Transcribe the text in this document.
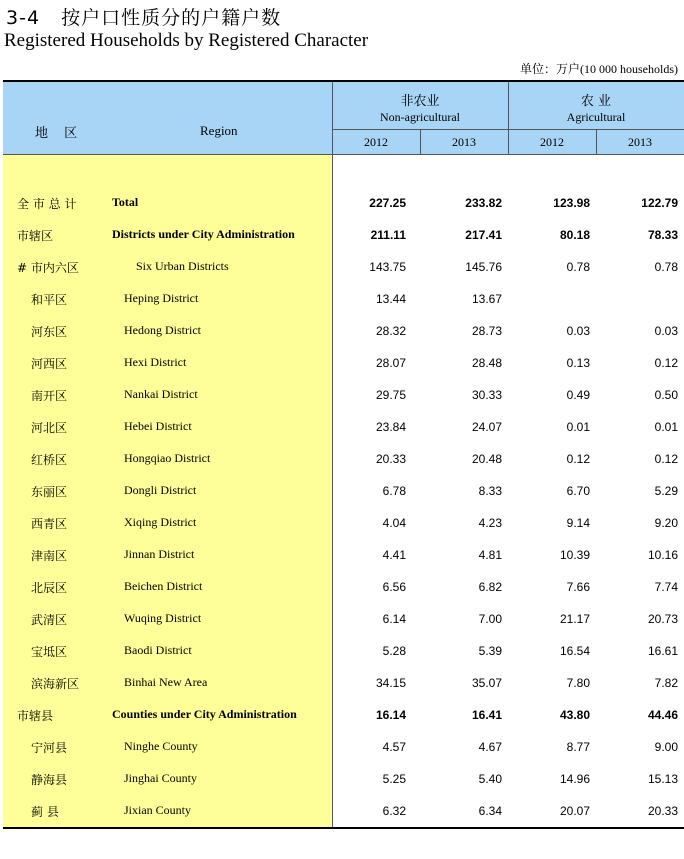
3-4 按户口性质分的户籍户数
Registered Households by Registered Character
单位：万户(10 000 households)
地 区 Region	非农业
Non-agricultural		农 业
Agricultural	

	2012	2013	2012	2013

全 市 总 计 Total	227.25	233.82	123.98	122.79

市辖区 Districts under City Administration	211.11	217.41	80.18	78.33

# 市内六区 Six Urban Districts	143.75	145.76	0.78	0.78

和平区 Heping District	13.44	13.67		

河东区 Hedong District	28.32	28.73	0.03	0.03

河西区 Hexi District	28.07	28.48	0.13	0.12

南开区 Nankai District	29.75	30.33	0.49	0.50

河北区 Hebei District	23.84	24.07	0.01	0.01

红桥区 Hongqiao District	20.33	20.48	0.12	0.12

东丽区 Dongli District	6.78	8.33	6.70	5.29

西青区 Xiqing District	4.04	4.23	9.14	9.20

津南区 Jinnan District	4.41	4.81	10.39	10.16

北辰区 Beichen District	6.56	6.82	7.66	7.74

武清区 Wuqing District	6.14	7.00	21.17	20.73

宝坻区 Baodi District	5.28	5.39	16.54	16.61

滨海新区 Binhai New Area	34.15	35.07	7.80	7.82

市辖县 Counties under City Administration	16.14	16.41	43.80	44.46

宁河县 Ninghe County	4.57	4.67	8.77	9.00

静海县 Jinghai County	5.25	5.40	14.96	15.13

蓟 县 Jixian County	6.32	6.34	20.07	20.33
